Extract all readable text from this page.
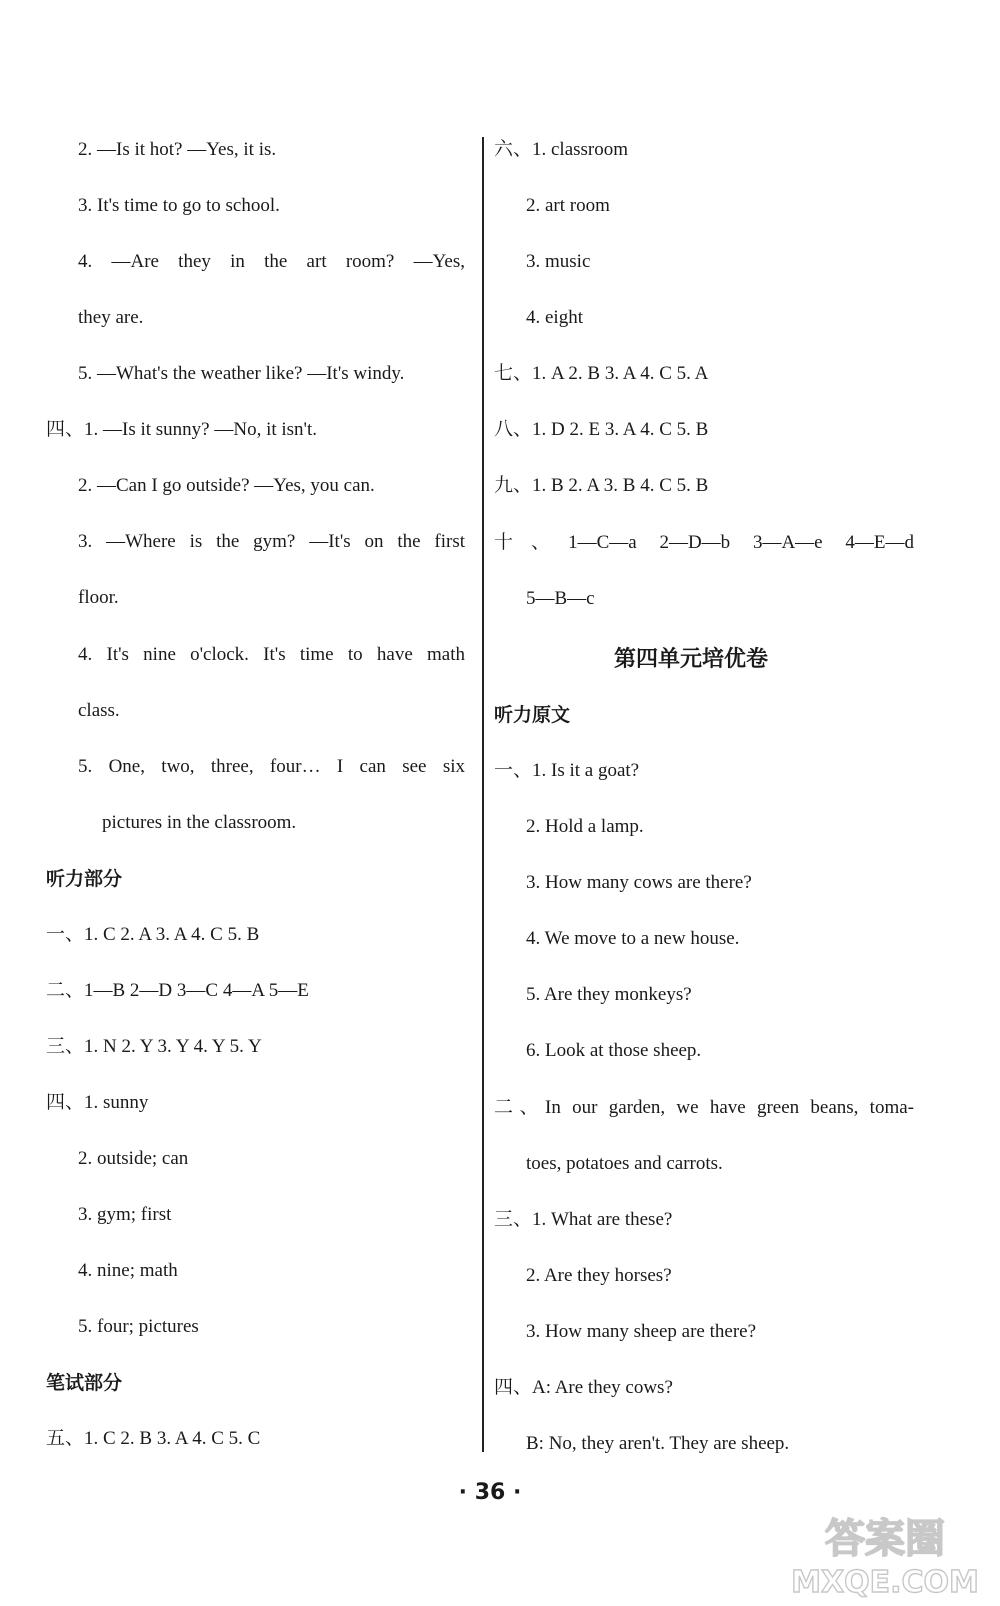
2. —Is it hot? —Yes, it is.
3. It's time to go to school.
4. —Are they in the art room? —Yes,
they are.
5. —What's the weather like? —It's windy.
四、1. —Is it sunny? —No, it isn't.
2. —Can I go outside? —Yes, you can.
3. —Where is the gym? —It's on the first
floor.
4. It's nine o'clock. It's time to have math
class.
5. One, two, three, four… I can see six
pictures in the classroom.
听力部分
一、1. C 2. A 3. A 4. C 5. B
二、1—B 2—D 3—C 4—A 5—E
三、1. N 2. Y 3. Y 4. Y 5. Y
四、1. sunny
2. outside; can
3. gym; first
4. nine; math
5. four; pictures
笔试部分
五、1. C 2. B 3. A 4. C 5. C
六、1. classroom
2. art room
3. music
4. eight
七、1. A 2. B 3. A 4. C 5. A
八、1. D 2. E 3. A 4. C 5. B
九、1. B 2. A 3. B 4. C 5. B
十、1—C—a 2—D—b 3—A—e 4—E—d
5—B—c
第四单元培优卷
听力原文
一、1. Is it a goat?
2. Hold a lamp.
3. How many cows are there?
4. We move to a new house.
5. Are they monkeys?
6. Look at those sheep.
二、In our garden, we have green beans, toma-
toes, potatoes and carrots.
三、1. What are these?
2. Are they horses?
3. How many sheep are there?
四、A: Are they cows?
B: No, they aren't. They are sheep.
· 36 ·
答案圈
MXQE.COM
